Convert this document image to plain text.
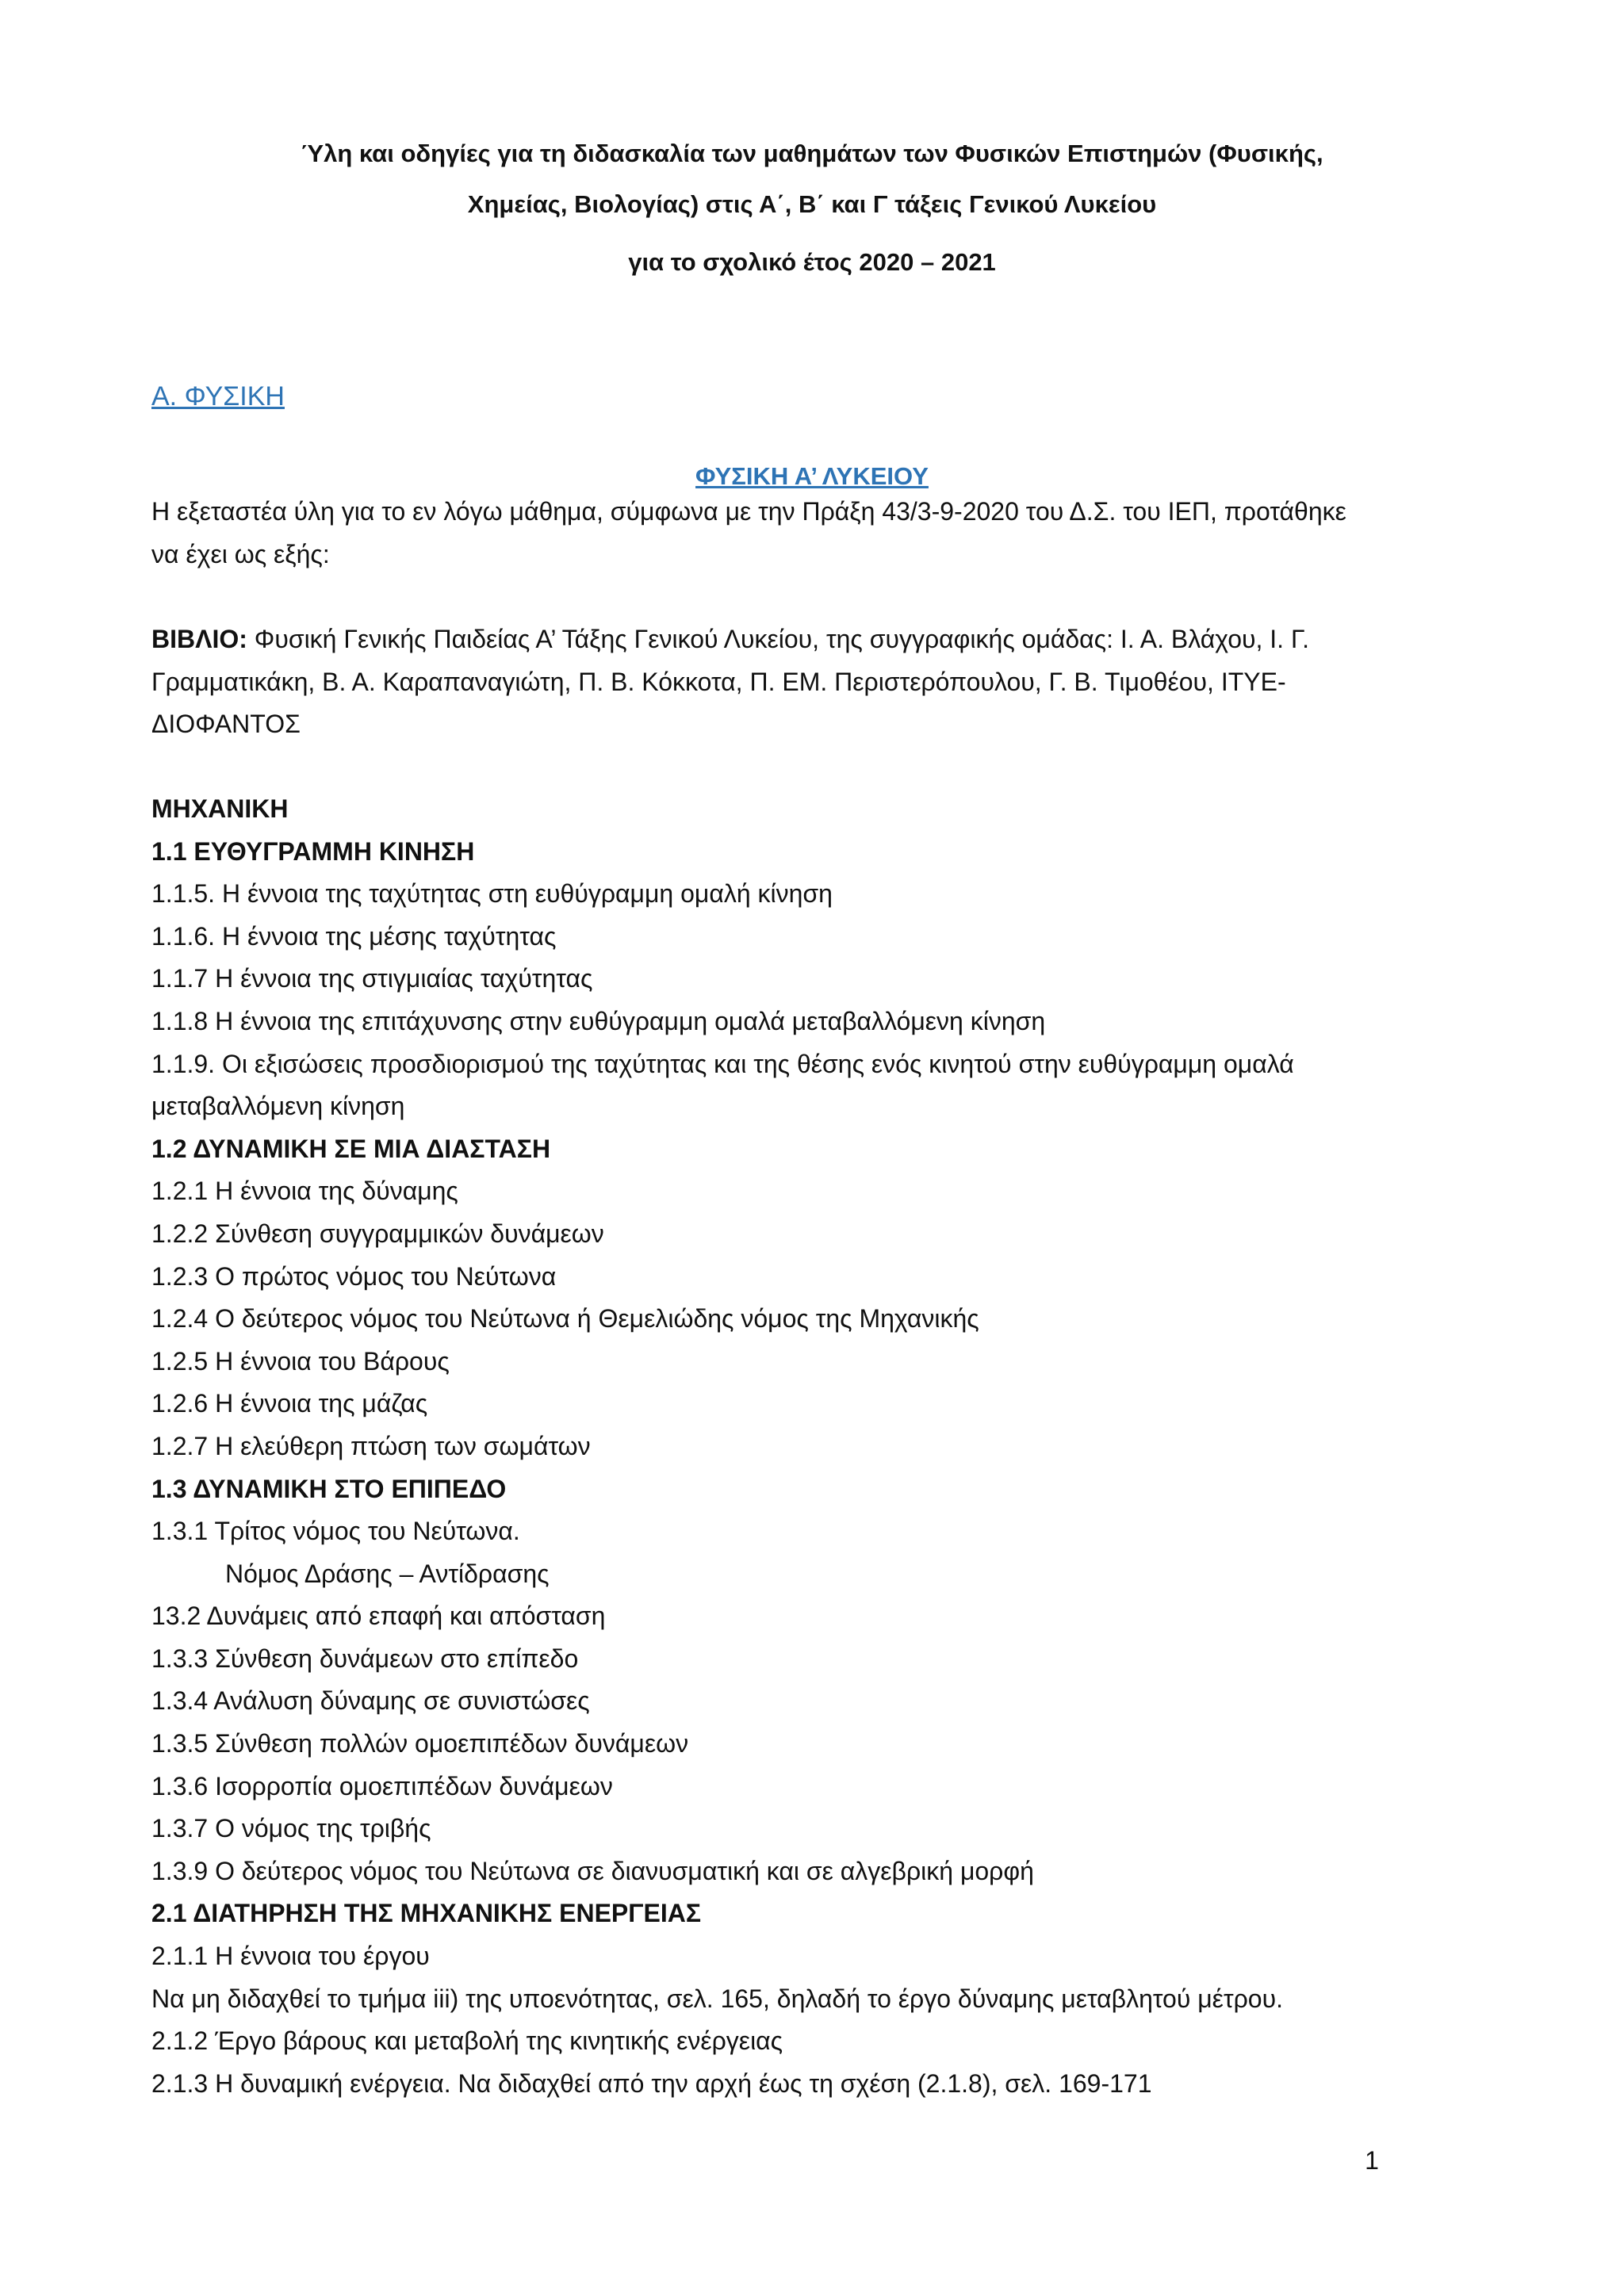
Ύλη και οδηγίες για τη διδασκαλία των μαθημάτων των Φυσικών Επιστημών (Φυσικής,
Χημείας, Βιολογίας) στις Α΄, Β΄ και Γ τάξεις Γενικού Λυκείου
για το σχολικό έτος 2020 – 2021
Α. ΦΥΣΙΚΗ
ΦΥΣΙΚΗ Α’ ΛΥΚΕΙΟΥ

Η εξεταστέα ύλη για το εν λόγω μάθημα, σύμφωνα με την Πράξη 43/3-9-2020 του Δ.Σ. του ΙΕΠ, προτάθηκε

να έχει ως εξής:

ΒΙΒΛΙΟ: Φυσική Γενικής Παιδείας Α’ Τάξης Γενικού Λυκείου, της συγγραφικής ομάδας: Ι. Α. Βλάχου, Ι. Γ.

Γραμματικάκη, Β. Α. Καραπαναγιώτη, Π. Β. Κόκκοτα, Π. ΕΜ. Περιστερόπουλου, Γ. Β. Τιμοθέου, ΙΤΥΕ-

ΔΙΟΦΑΝΤΟΣ

ΜΗΧΑΝΙΚΗ

1.1 ΕΥΘΥΓΡΑΜΜΗ ΚΙΝΗΣΗ

1.1.5. Η έννοια της ταχύτητας στη ευθύγραμμη ομαλή κίνηση

1.1.6. Η έννοια της μέσης ταχύτητας

1.1.7 Η έννοια της στιγμιαίας ταχύτητας

1.1.8 Η έννοια της επιτάχυνσης στην ευθύγραμμη ομαλά μεταβαλλόμενη κίνηση

1.1.9. Οι εξισώσεις προσδιορισμού της ταχύτητας και της θέσης ενός κινητού στην ευθύγραμμη ομαλά

μεταβαλλόμενη κίνηση

1.2 ΔΥΝΑΜΙΚΗ ΣΕ ΜΙΑ ΔΙΑΣΤΑΣΗ

1.2.1 Η έννοια της δύναμης

1.2.2 Σύνθεση συγγραμμικών δυνάμεων

1.2.3 Ο πρώτος νόμος του Νεύτωνα

1.2.4 Ο δεύτερος νόμος του Νεύτωνα ή Θεμελιώδης νόμος της Μηχανικής

1.2.5 Η έννοια του Βάρους

1.2.6 Η έννοια της μάζας

1.2.7 Η ελεύθερη πτώση των σωμάτων

1.3 ΔΥΝΑΜΙΚΗ ΣΤΟ ΕΠΙΠΕΔΟ

1.3.1 Τρίτος νόμος του Νεύτωνα.

Νόμος Δράσης – Αντίδρασης

13.2 Δυνάμεις από επαφή και απόσταση

1.3.3 Σύνθεση δυνάμεων στο επίπεδο

1.3.4 Ανάλυση δύναμης σε συνιστώσες

1.3.5 Σύνθεση πολλών ομοεπιπέδων δυνάμεων

1.3.6 Ισορροπία ομοεπιπέδων δυνάμεων

1.3.7 Ο νόμος της τριβής

1.3.9 Ο δεύτερος νόμος του Νεύτωνα σε διανυσματική και σε αλγεβρική μορφή

2.1 ΔΙΑΤΗΡΗΣΗ ΤΗΣ ΜΗΧΑΝΙΚΗΣ ΕΝΕΡΓΕΙΑΣ

2.1.1 Η έννοια του έργου

Να μη διδαχθεί το τμήμα iii) της υποενότητας, σελ. 165, δηλαδή το έργο δύναμης μεταβλητού μέτρου.

2.1.2 Έργο βάρους και μεταβολή της κινητικής ενέργειας

2.1.3 Η δυναμική ενέργεια. Να διδαχθεί από την αρχή έως τη σχέση (2.1.8), σελ. 169-171

1
